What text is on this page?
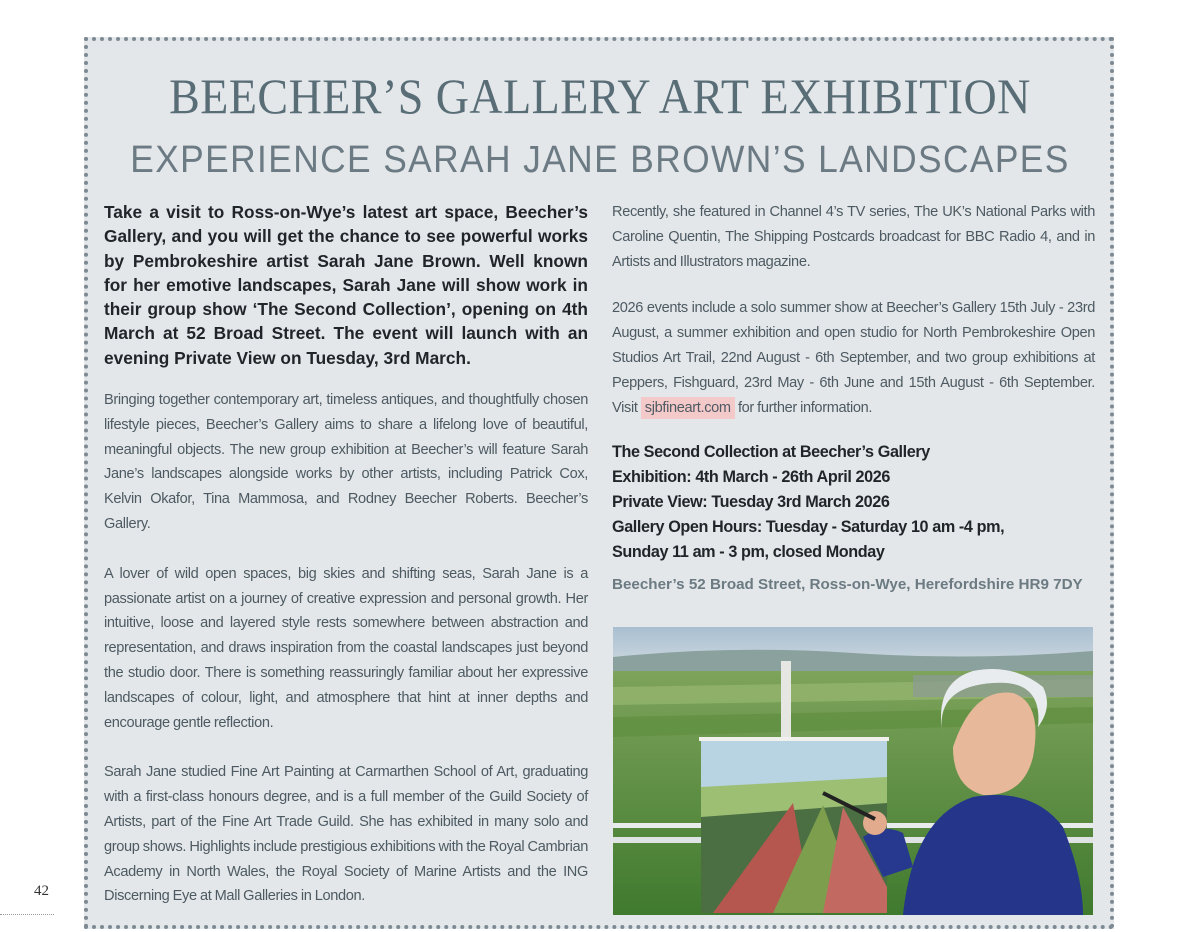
BEECHER’S GALLERY ART EXHIBITION
EXPERIENCE SARAH JANE BROWN’S LANDSCAPES

Take a visit to Ross-on-Wye’s latest art space, Beecher’s Gallery, and you will get the chance to see powerful works by Pembrokeshire artist Sarah Jane Brown. Well known for her emotive landscapes, Sarah Jane will show work in their group show ‘The Second Collection’, opening on 4th March at 52 Broad Street. The event will launch with an evening Private View on Tuesday, 3rd March.

Bringing together contemporary art, timeless antiques, and thoughtfully chosen lifestyle pieces, Beecher’s Gallery aims to share a lifelong love of beautiful, meaningful objects. The new group exhibition at Beecher’s will feature Sarah Jane’s landscapes alongside works by other artists, including Patrick Cox, Kelvin Okafor, Tina Mammosa, and Rodney Beecher Roberts. Beecher’s Gallery.

A lover of wild open spaces, big skies and shifting seas, Sarah Jane is a passionate artist on a journey of creative expression and personal growth. Her intuitive, loose and layered style rests somewhere between abstraction and representation, and draws inspiration from the coastal landscapes just beyond the studio door. There is something reassuringly familiar about her expressive landscapes of colour, light, and atmosphere that hint at inner depths and encourage gentle reflection.

Sarah Jane studied Fine Art Painting at Carmarthen School of Art, graduating with a first-class honours degree, and is a full member of the Guild Society of Artists, part of the Fine Art Trade Guild. She has exhibited in many solo and group shows. Highlights include prestigious exhibitions with the Royal Cambrian Academy in North Wales, the Royal Society of Marine Artists and the ING Discerning Eye at Mall Galleries in London.

Recently, she featured in Channel 4’s TV series, The UK’s National Parks with Caroline Quentin, The Shipping Postcards broadcast for BBC Radio 4, and in Artists and Illustrators magazine.

2026 events include a solo summer show at Beecher’s Gallery 15th July - 23rd August, a summer exhibition and open studio for North Pembrokeshire Open Studios Art Trail, 22nd August - 6th September, and two group exhibitions at Peppers, Fishguard, 23rd May - 6th June and 15th August - 6th September. Visit sjbfineart.com for further information.

The Second Collection at Beecher’s Gallery
Exhibition: 4th March - 26th April 2026
Private View: Tuesday 3rd March 2026
Gallery Open Hours: Tuesday - Saturday 10 am -4 pm,
Sunday 11 am - 3 pm, closed Monday
Beecher’s 52 Broad Street, Ross-on-Wye, Herefordshire HR9 7DY
42
